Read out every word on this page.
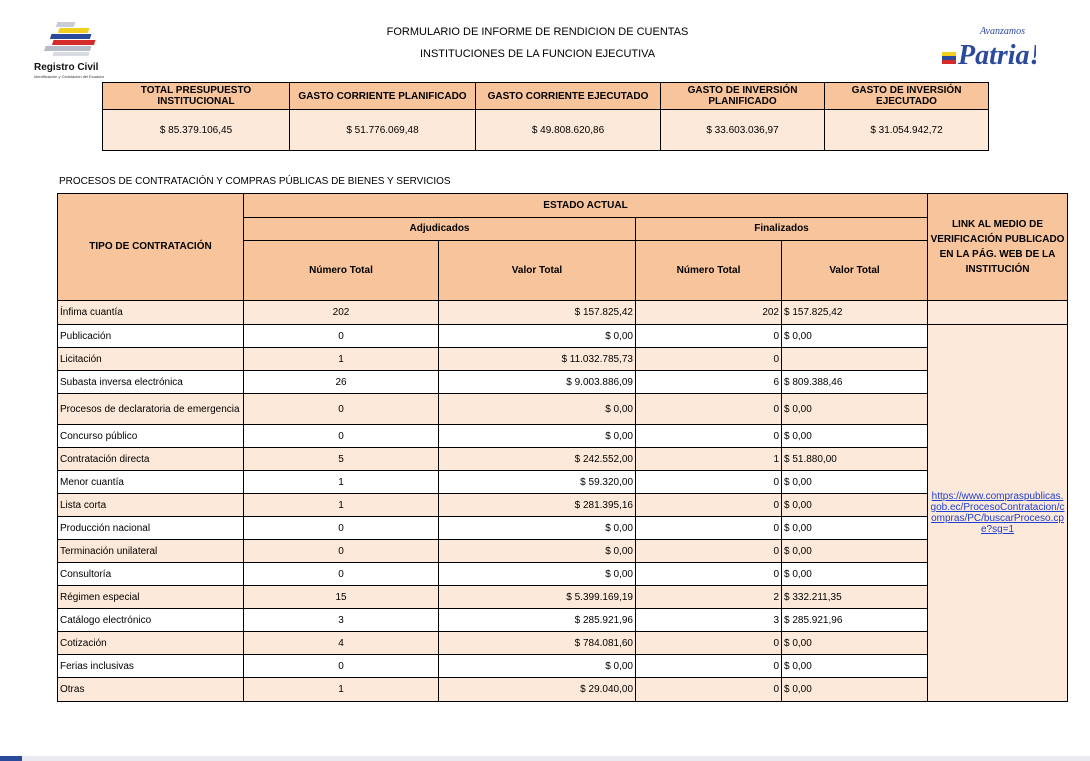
Registro Civil
Identificación y Cedulación del Ecuador
FORMULARIO DE INFORME DE RENDICION DE CUENTAS
INSTITUCIONES DE LA FUNCION EJECUTIVA
Avanzamos
Patria!
TOTAL PRESUPUESTO INSTITUCIONAL	GASTO CORRIENTE PLANIFICADO	GASTO CORRIENTE EJECUTADO	GASTO DE INVERSIÓN PLANIFICADO	GASTO DE INVERSIÓN EJECUTADO
$ 85.379.106,45	$ 51.776.069,48	$ 49.808.620,86	$ 33.603.036,97	$ 31.054.942,72
PROCESOS DE CONTRATACIÓN Y COMPRAS PÚBLICAS DE BIENES Y SERVICIOS
TIPO DE CONTRATACIÓN	ESTADO ACTUAL				LINK AL MEDIO DE VERIFICACIÓN PUBLICADO EN LA PÁG. WEB DE LA INSTITUCIÓN
	Adjudicados		Finalizados		
	Número Total	Valor Total	Número Total	Valor Total	
Ínfima cuantía	202	$ 157.825,42	202	$ 157.825,42	
Publicación	0	$ 0,00	0	$ 0,00	https://www.compraspublicas.gob.ec/ProcesoContratacion/compras/PC/buscarProceso.cpe?sg=1
Licitación	1	$ 11.032.785,73	0		
Subasta inversa electrónica	26	$ 9.003.886,09	6	$ 809.388,46	
Procesos de declaratoria de emergencia	0	$ 0,00	0	$ 0,00	
Concurso público	0	$ 0,00	0	$ 0,00	
Contratación directa	5	$ 242.552,00	1	$ 51.880,00	
Menor cuantía	1	$ 59.320,00	0	$ 0,00	
Lista corta	1	$ 281.395,16	0	$ 0,00	
Producción nacional	0	$ 0,00	0	$ 0,00	
Terminación unilateral	0	$ 0,00	0	$ 0,00	
Consultoría	0	$ 0,00	0	$ 0,00	
Régimen especial	15	$ 5.399.169,19	2	$ 332.211,35	
Catálogo electrónico	3	$ 285.921,96	3	$ 285.921,96	
Cotización	4	$ 784.081,60	0	$ 0,00	
Ferias inclusivas	0	$ 0,00	0	$ 0,00	
Otras	1	$ 29.040,00	0	$ 0,00	
